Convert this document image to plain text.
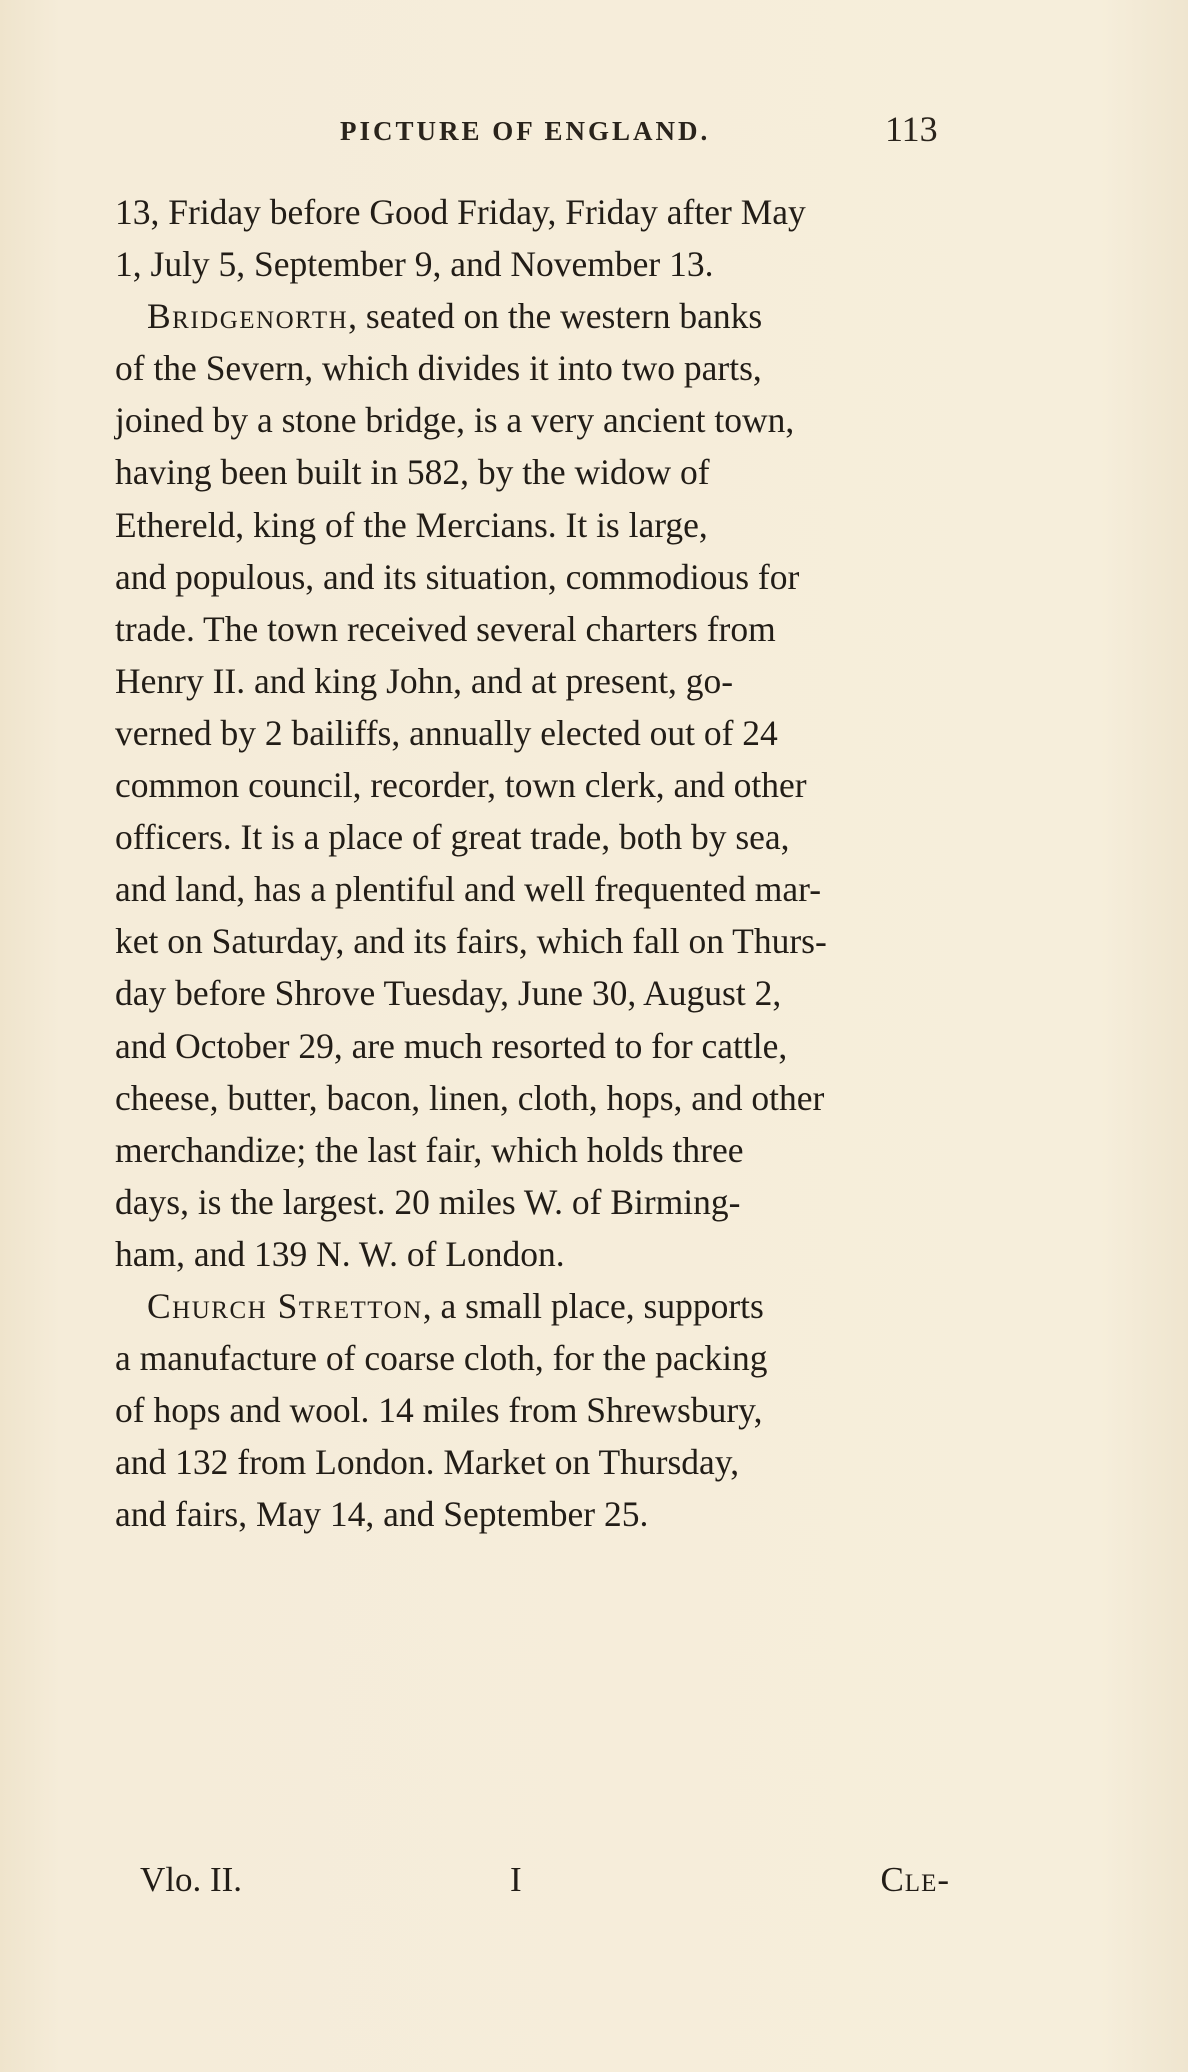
PICTURE OF ENGLAND.	113
13, Friday before Good Friday, Friday after May
1, July 5, September 9, and November 13.
Bridgenorth, seated on the western banks
of the Severn, which divides it into two parts,
joined by a stone bridge, is a very ancient town,
having been built in 582, by the widow of
Ethereld, king of the Mercians. It is large,
and populous, and its situation, commodious for
trade. The town received several charters from
Henry II. and king John, and at present, go-
verned by 2 bailiffs, annually elected out of 24
common council, recorder, town clerk, and other
officers. It is a place of great trade, both by sea,
and land, has a plentiful and well frequented mar-
ket on Saturday, and its fairs, which fall on Thurs-
day before Shrove Tuesday, June 30, August 2,
and October 29, are much resorted to for cattle,
cheese, butter, bacon, linen, cloth, hops, and other
merchandize; the last fair, which holds three
days, is the largest. 20 miles W. of Birming-
ham, and 139 N. W. of London.
Church Stretton, a small place, supports
a manufacture of coarse cloth, for the packing
of hops and wool. 14 miles from Shrewsbury,
and 132 from London. Market on Thursday,
and fairs, May 14, and September 25.
Vlo. II.	I	Cle-
